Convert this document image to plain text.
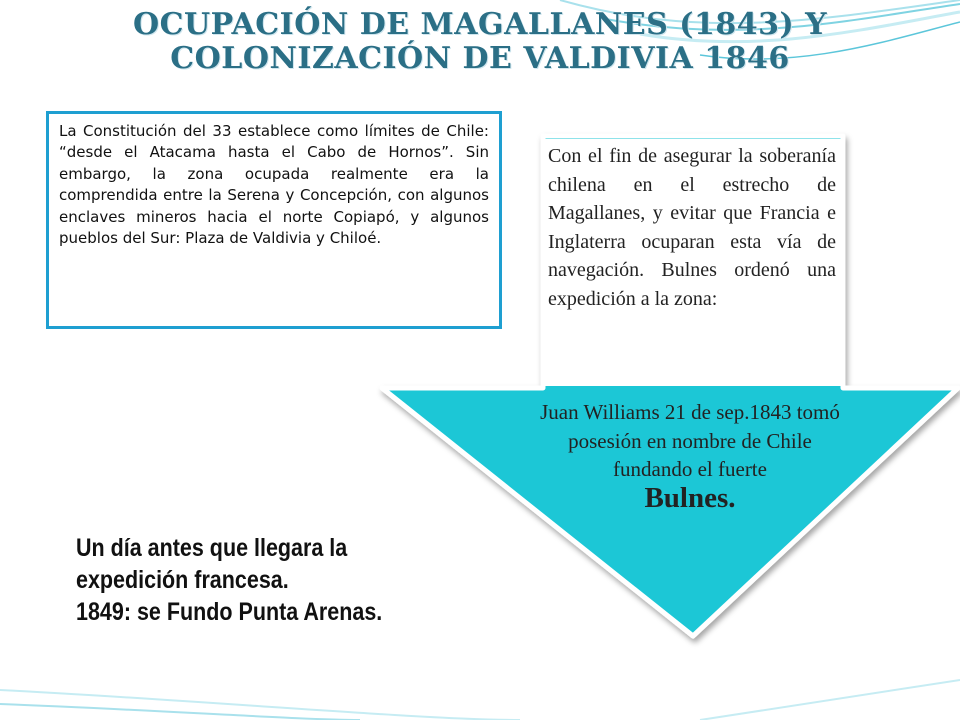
OCUPACIÓN DE MAGALLANES (1843) Y
COLONIZACIÓN DE VALDIVIA 1846
La Constitución del 33 establece como límites de Chile: “desde el Atacama hasta el Cabo de Hornos”. Sin embargo, la zona ocupada realmente era la comprendida entre la Serena y Concepción, con algunos enclaves mineros hacia el norte Copiapó, y algunos pueblos del Sur: Plaza de Valdivia y Chiloé.
Con el fin de asegurar la soberanía chilena en el estrecho de Magallanes, y evitar que Francia e Inglaterra ocuparan esta vía de navegación. Bulnes ordenó una expedición a la zona:
Juan Williams 21 de sep.1843 tomó posesión en nombre de Chile fundando el fuerte
Bulnes.
Un día antes que llegara la
expedición francesa.
1849: se Fundo Punta Arenas.
